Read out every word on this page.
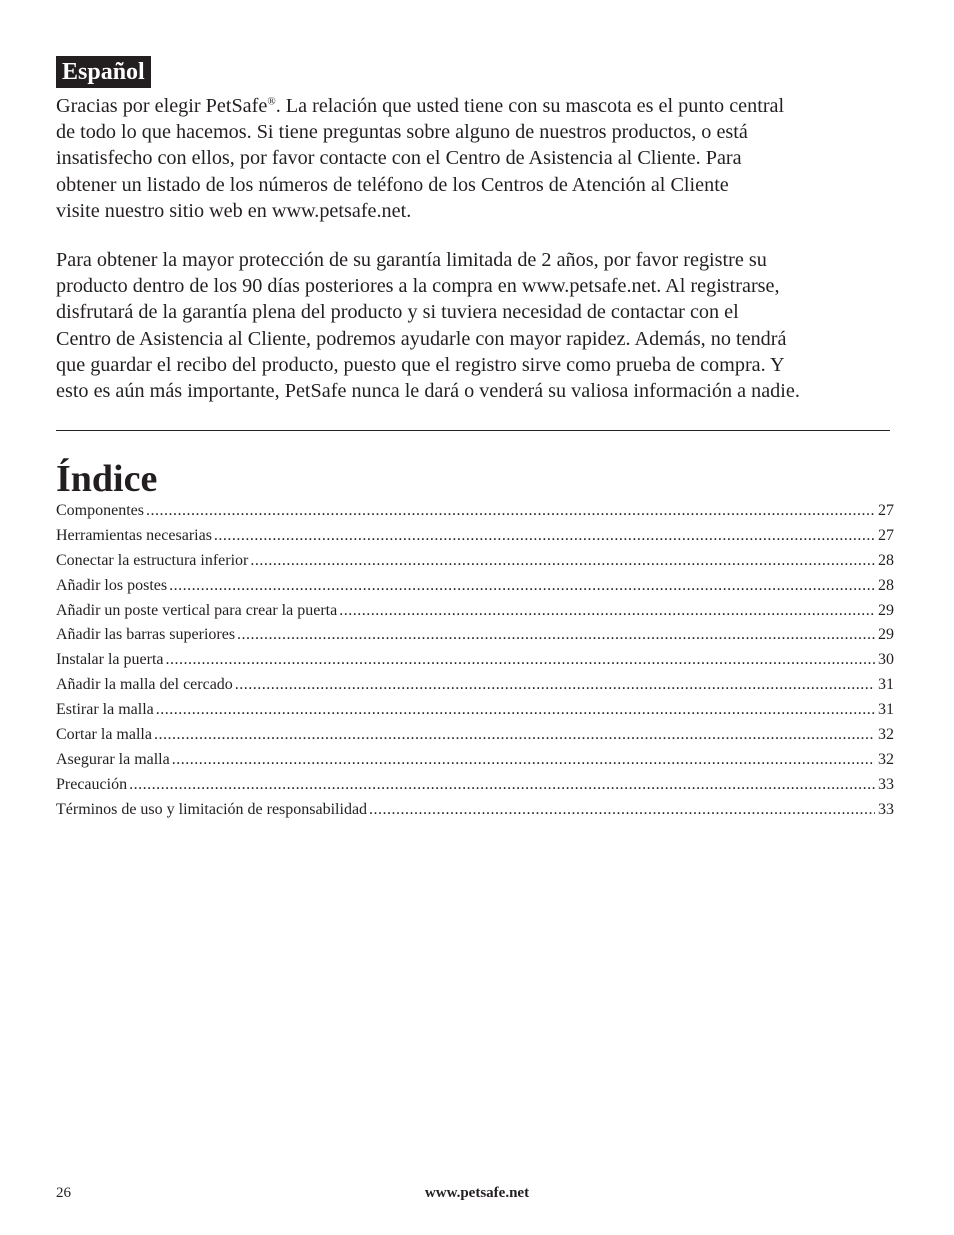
Español

Gracias por elegir PetSafe®. La relación que usted tiene con su mascota es el punto central
de todo lo que hacemos. Si tiene preguntas sobre alguno de nuestros productos, o está
insatisfecho con ellos, por favor contacte con el Centro de Asistencia al Cliente. Para
obtener un listado de los números de teléfono de los Centros de Atención al Cliente
visite nuestro sitio web en www.petsafe.net.

Para obtener la mayor protección de su garantía limitada de 2 años, por favor registre su
producto dentro de los 90 días posteriores a la compra en www.petsafe.net. Al registrarse,
disfrutará de la garantía plena del producto y si tuviera necesidad de contactar con el
Centro de Asistencia al Cliente, podremos ayudarle con mayor rapidez. Además, no tendrá
que guardar el recibo del producto, puesto que el registro sirve como prueba de compra. Y
esto es aún más importante, PetSafe nunca le dará o venderá su valiosa información a nadie.

Índice
Componentes .....	27
Herramientas necesarias .....	27
Conectar la estructura inferior .....	28
Añadir los postes .....	28
Añadir un poste vertical para crear la puerta .....	29
Añadir las barras superiores .....	29
Instalar la puerta .....	30
Añadir la malla del cercado .....	31
Estirar la malla .....	31
Cortar la malla .....	32
Asegurar la malla .....	32
Precaución .....	33
Términos de uso y limitación de responsabilidad .....	33
26	www.petsafe.net
